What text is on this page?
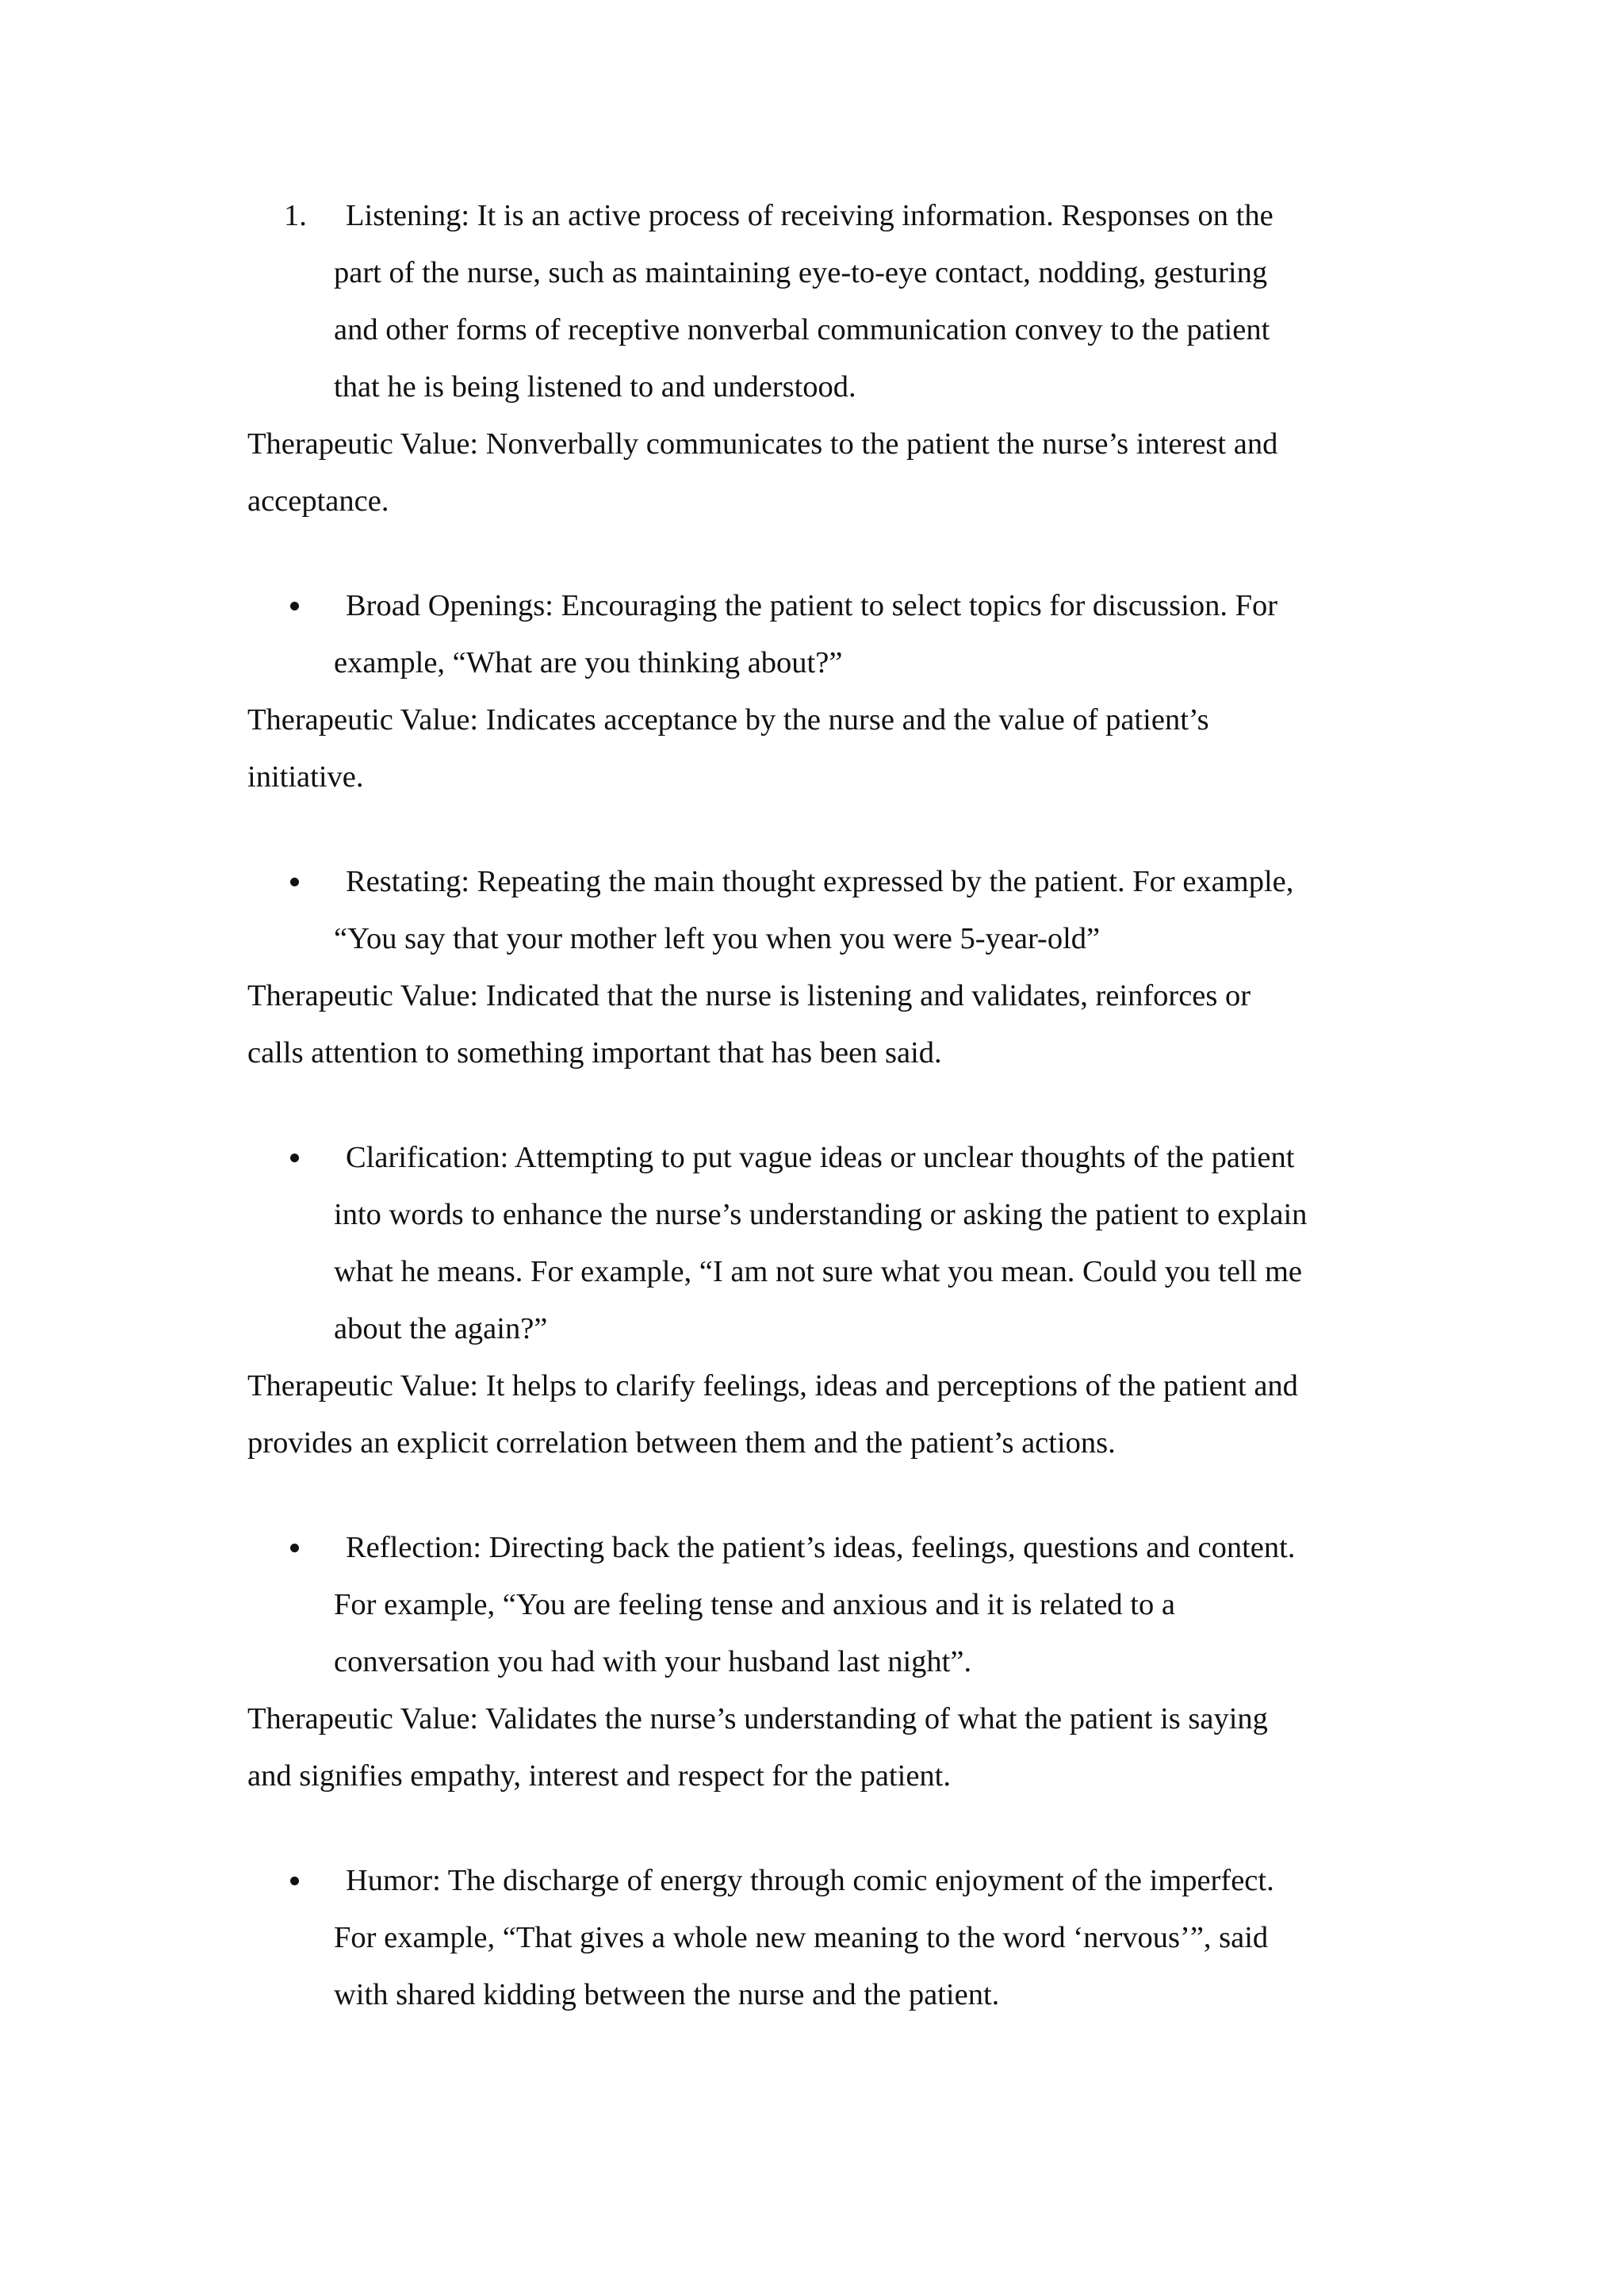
1. Listening: It is an active process of receiving information. Responses on the
part of the nurse, such as maintaining eye-to-eye contact, nodding, gesturing
and other forms of receptive nonverbal communication convey to the patient
that he is being listened to and understood.
Therapeutic Value: Nonverbally communicates to the patient the nurse’s interest and
acceptance.
Broad Openings: Encouraging the patient to select topics for discussion. For
example, “What are you thinking about?”
Therapeutic Value: Indicates acceptance by the nurse and the value of patient’s
initiative.
Restating: Repeating the main thought expressed by the patient. For example,
“You say that your mother left you when you were 5-year-old”
Therapeutic Value: Indicated that the nurse is listening and validates, reinforces or
calls attention to something important that has been said.
Clarification: Attempting to put vague ideas or unclear thoughts of the patient
into words to enhance the nurse’s understanding or asking the patient to explain
what he means. For example, “I am not sure what you mean. Could you tell me
about the again?”
Therapeutic Value: It helps to clarify feelings, ideas and perceptions of the patient and
provides an explicit correlation between them and the patient’s actions.
Reflection: Directing back the patient’s ideas, feelings, questions and content.
For example, “You are feeling tense and anxious and it is related to a
conversation you had with your husband last night”.
Therapeutic Value: Validates the nurse’s understanding of what the patient is saying
and signifies empathy, interest and respect for the patient.
Humor: The discharge of energy through comic enjoyment of the imperfect.
For example, “That gives a whole new meaning to the word ‘nervous’”, said
with shared kidding between the nurse and the patient.
